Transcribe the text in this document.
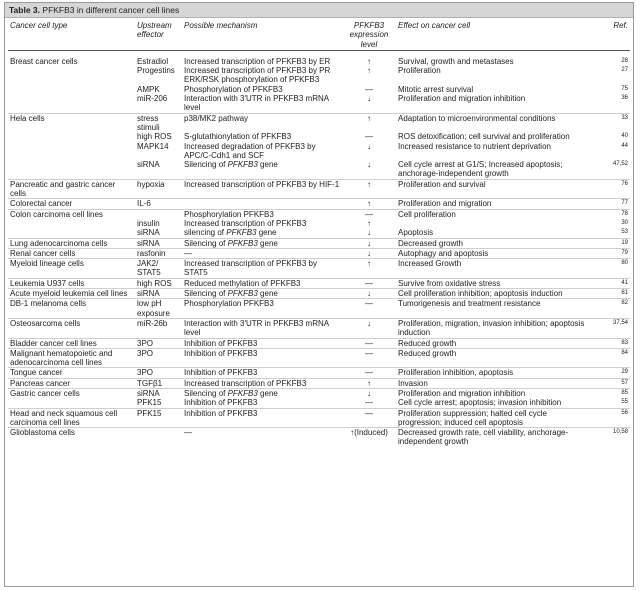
Table 3. PFKFB3 in different cancer cell lines
Cancer cell type	Upstream effector	Possible mechanism	PFKFB3 expression level	Effect on cancer cell	Ref.
Breast cancer cells	Estradiol	Increased transcription of PFKFB3 by ER	↑	Survival, growth and metastases	28
	Progestins	Increased transcription of PFKFB3 by PR ERK/RSK phosphorylation of PFKFB3	↑	Proliferation	27
	AMPK	Phosphorylation of PFKFB3	—	Mitotic arrest survival	75
	miR-206	Interaction with 3′UTR in PFKFB3 mRNA level	↓	Proliferation and migration inhibition	36
Hela cells	stress stimuli	p38/MK2 pathway	↑	Adaptation to microenvironmental conditions	33
	high ROS	S-glutathionylation of PFKFB3	—	ROS detoxification; cell survival and proliferation	40
	MAPK14	Increased degradation of PFKFB3 by APC/C-Cdh1 and SCF	↓	Increased resistance to nutrient deprivation	44
	siRNA	Silencing of PFKFB3 gene	↓	Cell cycle arrest at G1/S; Increased apoptosis; anchorage-independent growth	47,52
Pancreatic and gastric cancer cells	hypoxia	Increased transcription of PFKFB3 by HIF-1	↑	Proliferation and survival	76
Colorectal cancer	IL-6		↑	Proliferation and migration	77
Colon carcinoma cell lines		Phosphorylation PFKFB3	—	Cell proliferation	78
	insulin	Increased transcription of PFKFB3	↑		30
	siRNA	silencing of PFKFB3 gene	↓	Apoptosis	53
Lung adenocarcinoma cells	siRNA	Silencing of PFKFB3 gene	↓	Decreased growth	19
Renal cancer cells	rasfonin	—	↓	Autophagy and apoptosis	79
Myeloid lineage cells	JAK2/ STAT5	Increased transcription of PFKFB3 by STAT5	↑	Increased Growth	80
Leukemia U937 cells	high ROS	Reduced methylation of PFKFB3	—	Survive from oxidative stress	41
Acute myeloid leukemia cell lines	siRNA	Silencing of PFKFB3 gene	↓	Cell proliferation inhibition; apoptosis induction	81
DB-1 melanoma cells	low pH exposure	Phosphorylation PFKFB3	—	Tumorigenesis and treatment resistance	82
Osteosarcoma cells	miR-26b	Interaction with 3′UTR in PFKFB3 mRNA level	↓	Proliferation, migration, invasion inhibition; apoptosis induction	37,54
Bladder cancer cell lines	3PO	Inhibition of PFKFB3	—	Reduced growth	83
Malignant hematopoietic and adenocarcinoma cell lines	3PO	Inhibition of PFKFB3	—	Reduced growth	84
Tongue cancer	3PO	Inhibition of PFKFB3	—	Proliferation inhibition, apoptosis	29
Pancreas cancer	TGFβ1	Increased transcription of PFKFB3	↑	Invasion	57
Gastric cancer cells	siRNA	Silencing of PFKFB3 gene	↓	Proliferation and migration inhibition	85
	PFK15	Inhibition of PFKFB3	—	Cell cycle arrest; apoptosis; invasion inhibition	55
Head and neck squamous cell carcinoma cell lines	PFK15	Inhibition of PFKFB3	—	Proliferation suppression; halted cell cycle progression; induced cell apoptosis	56
Glioblastoma cells		—	↑(Induced)	Decreased growth rate, cell viability, anchorage-independent growth	10,58
